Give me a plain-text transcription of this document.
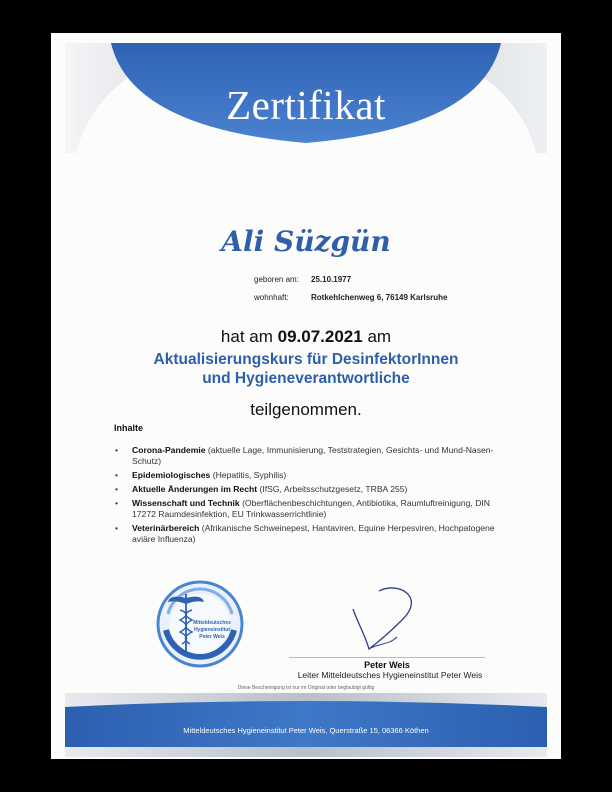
Zertifikat
Ali Süzgün
geboren am:	25.10.1977
wohnhaft:	Rotkehlchenweg 6, 76149 Karlsruhe
hat am 09.07.2021 am
Aktualisierungskurs für DesinfektorInnen
und Hygieneverantwortliche
teilgenommen.
Inhalte
• Corona-Pandemie (aktuelle Lage, Immunisierung, Teststrategien, Gesichts- und Mund-Nasen-Schutz)
• Epidemiologisches (Hepatitis, Syphilis)
• Aktuelle Änderungen im Recht (IfSG, Arbeitsschutzgesetz, TRBA 255)
• Wissenschaft und Technik (Oberflächenbeschichtungen, Antibiotika, Raumluftreinigung, DIN 17272 Raumdesinfektion, EU Trinkwasserrichtlinie)
• Veterinärbereich (Afrikanische Schweinepest, Hantaviren, Equine Herpesviren, Hochpatogene aviäre Influenza)
Mitteldeutsches
Hygieneinstitut
Peter Weis
Peter Weis
Leiter Mitteldeutsches Hygieneinstitut Peter Weis
Diese Bescheinigung ist nur im Original oder beglaubigt gültig
Mitteldeutsches Hygieneinstitut Peter Weis, Querstraße 15, 06366 Köthen
